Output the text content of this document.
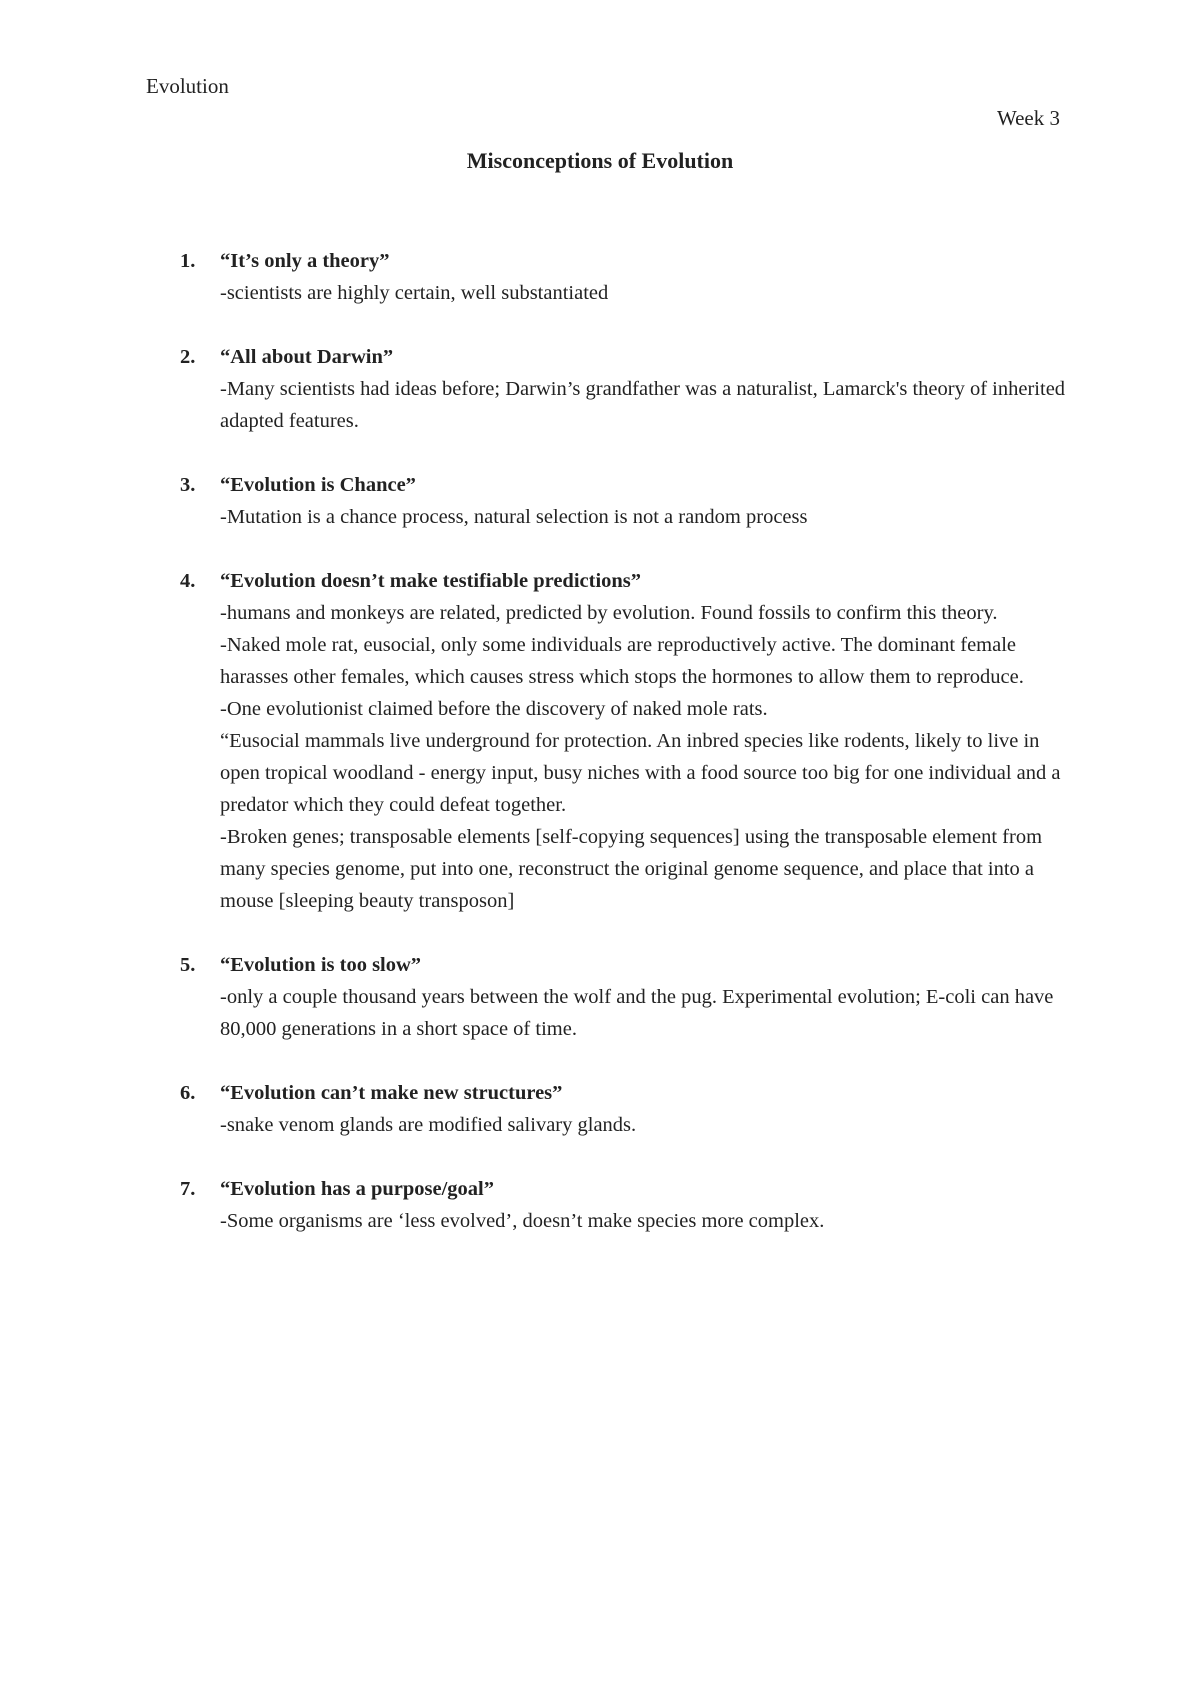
Evolution
Week 3
Misconceptions of Evolution
1. “It’s only a theory”
-scientists are highly certain, well substantiated
2. “All about Darwin”
-Many scientists had ideas before; Darwin’s grandfather was a naturalist, Lamarck's theory of inherited adapted features.
3. “Evolution is Chance”
-Mutation is a chance process, natural selection is not a random process
4. “Evolution doesn’t make testifiable predictions”
-humans and monkeys are related, predicted by evolution. Found fossils to confirm this theory.
-Naked mole rat, eusocial, only some individuals are reproductively active. The dominant female harasses other females, which causes stress which stops the hormones to allow them to reproduce.
-One evolutionist claimed before the discovery of naked mole rats.
“Eusocial mammals live underground for protection. An inbred species like rodents, likely to live in open tropical woodland - energy input, busy niches with a food source too big for one individual and a predator which they could defeat together.
-Broken genes; transposable elements [self-copying sequences] using the transposable element from many species genome, put into one, reconstruct the original genome sequence, and place that into a mouse [sleeping beauty transposon]
5. “Evolution is too slow”
-only a couple thousand years between the wolf and the pug. Experimental evolution; E-coli can have 80,000 generations in a short space of time.
6. “Evolution can’t make new structures”
-snake venom glands are modified salivary glands.
7. “Evolution has a purpose/goal”
-Some organisms are ‘less evolved’, doesn’t make species more complex.
